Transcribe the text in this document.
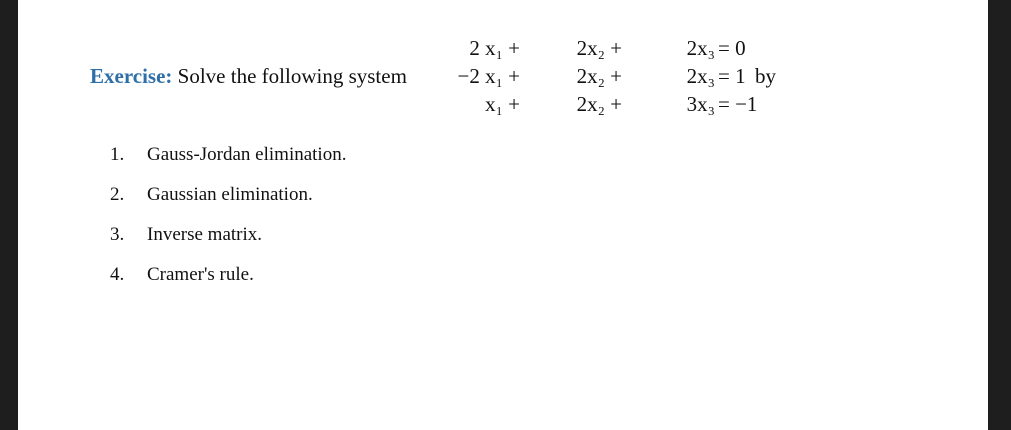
Exercise: Solve the following system
2 x₁ +	2x₂ +	2x₃ = 0
−2 x₁ +	2x₂ +	2x₃ = 1
x₁ +	2x₂ +	3x₃ = −1
by
1. Gauss-Jordan elimination.
2. Gaussian elimination.
3. Inverse matrix.
4. Cramer's rule.
